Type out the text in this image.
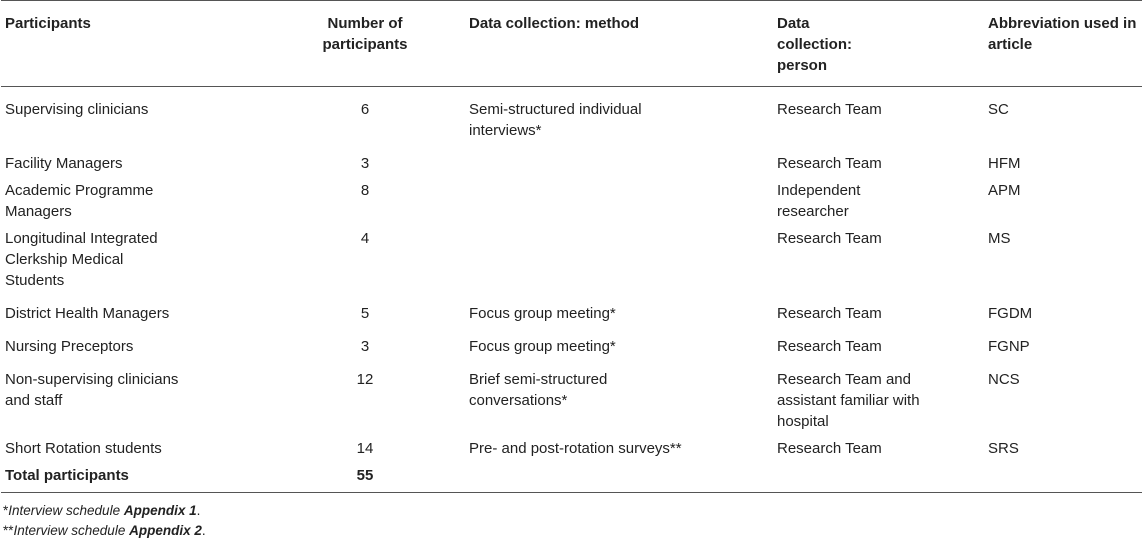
Participants	Number of participants	Data collection: method	Data collection: person	Abbreviation used in article
Supervising clinicians	6	Semi-structured individual interviews*	Research Team	SC
Facility Managers	3		Research Team	HFM
Academic Programme Managers	8		Independent researcher	APM
Longitudinal Integrated Clerkship Medical Students	4		Research Team	MS
District Health Managers	5	Focus group meeting*	Research Team	FGDM
Nursing Preceptors	3	Focus group meeting*	Research Team	FGNP
Non-supervising clinicians and staff	12	Brief semi-structured conversations*	Research Team and assistant familiar with hospital	NCS
Short Rotation students	14	Pre- and post-rotation surveys**	Research Team	SRS
Total participants	55			
*Interview schedule Appendix 1.
**Interview schedule Appendix 2.
